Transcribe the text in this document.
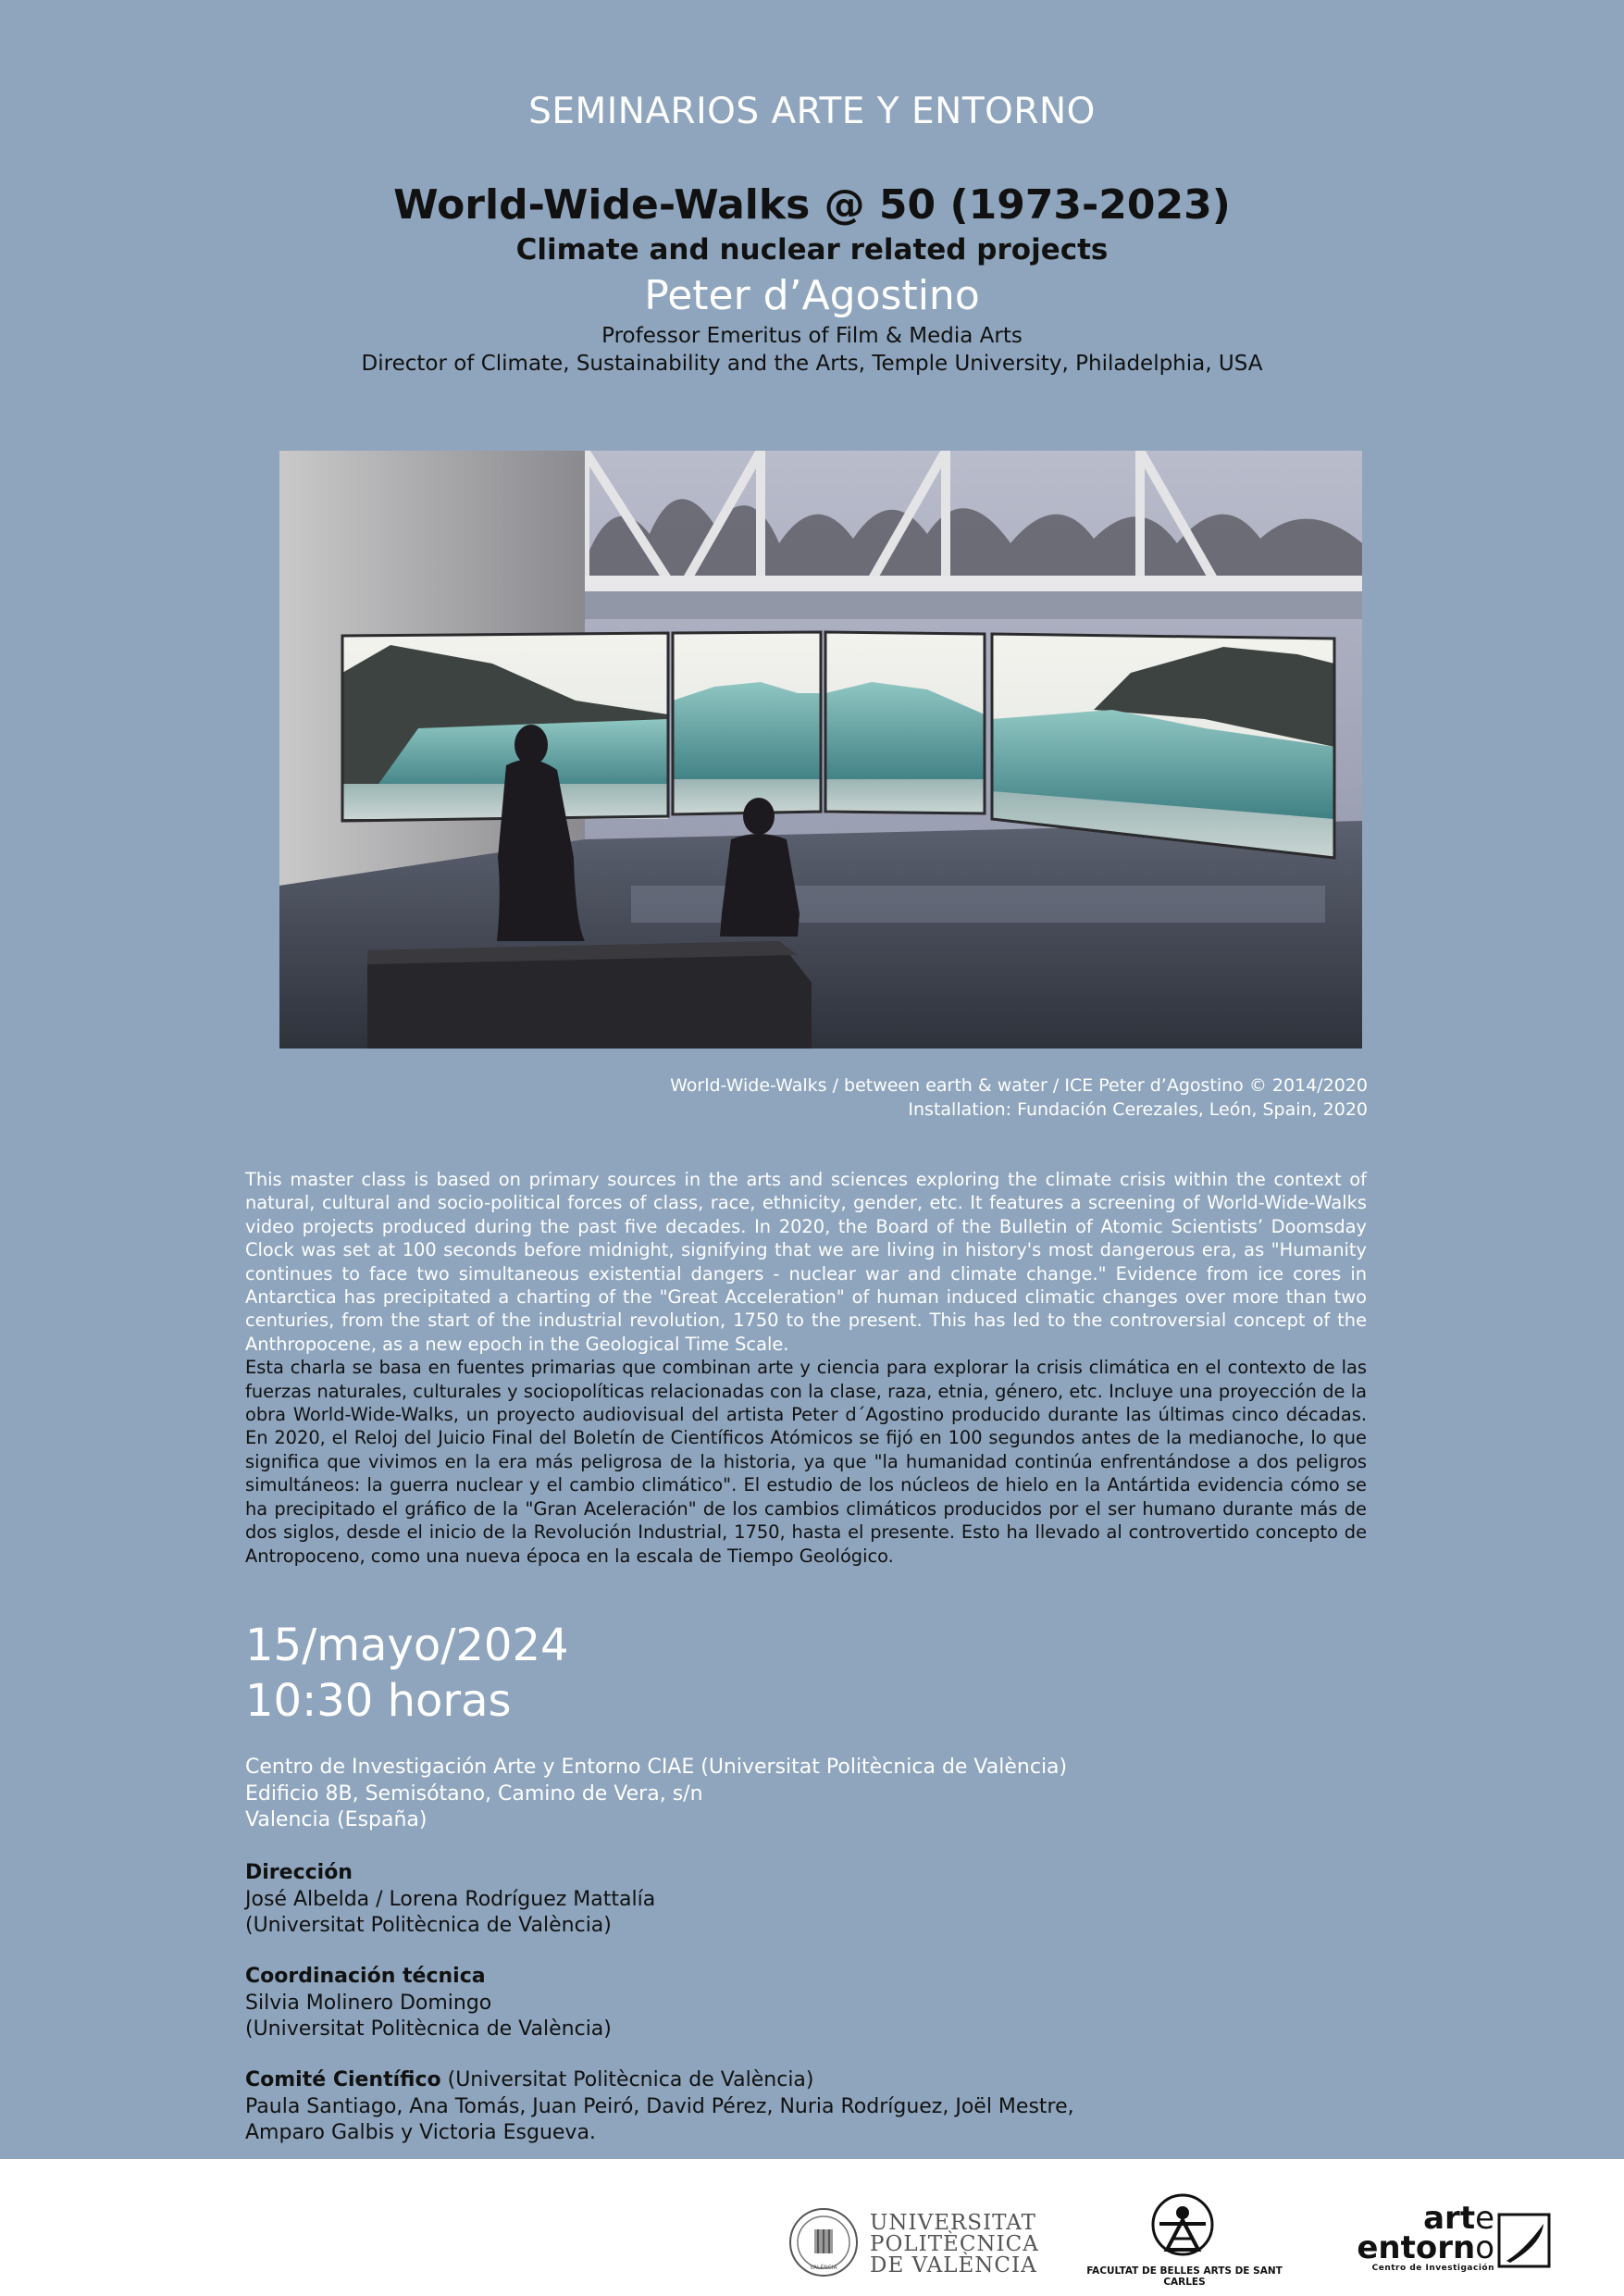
SEMINARIOS ARTE Y ENTORNO
World-Wide-Walks @ 50 (1973-2023)
Climate and nuclear related projects
Peter d’Agostino
Professor Emeritus of Film & Media Arts
Director of Climate, Sustainability and the Arts, Temple University, Philadelphia, USA
World-Wide-Walks / between earth & water / ICE Peter d’Agostino © 2014/2020
Installation: Fundación Cerezales, León, Spain, 2020

This master class is based on primary sources in the arts and sciences exploring the climate crisis within the context of natural, cultural and socio-political forces of class, race, ethnicity, gender, etc. It features a screening of World-Wide-Walks video projects produced during the past five decades. In 2020, the Board of the Bulletin of Atomic Scientists’ Doomsday Clock was set at 100 seconds before midnight, signifying that we are living in history's most dangerous era, as "Humanity continues to face two simultaneous existential dangers - nuclear war and climate change." Evidence from ice cores in Antarctica has precipitated a charting of the "Great Acceleration" of human induced climatic changes over more than two centuries, from the start of the industrial revolution, 1750 to the present. This has led to the controversial concept of the Anthropocene, as a new epoch in the Geological Time Scale.

Esta charla se basa en fuentes primarias que combinan arte y ciencia para explorar la crisis climática en el contexto de las fuerzas naturales, culturales y sociopolíticas relacionadas con la clase, raza, etnia, género, etc. Incluye una proyección de la obra World-Wide-Walks, un proyecto audiovisual del artista Peter d´Agostino producido durante las últimas cinco décadas. En 2020, el Reloj del Juicio Final del Boletín de Científicos Atómicos se fijó en 100 segundos antes de la medianoche, lo que significa que vivimos en la era más peligrosa de la historia, ya que "la humanidad continúa enfrentándose a dos peligros simultáneos: la guerra nuclear y el cambio climático". El estudio de los núcleos de hielo en la Antártida evidencia cómo se ha precipitado el gráfico de la "Gran Aceleración" de los cambios climáticos producidos por el ser humano durante más de dos siglos, desde el inicio de la Revolución Industrial, 1750, hasta el presente. Esto ha llevado al controvertido concepto de Antropoceno, como una nueva época en la escala de Tiempo Geológico.

15/mayo/2024
10:30 horas
Centro de Investigación Arte y Entorno CIAE (Universitat Politècnica de València)
Edificio 8B, Semisótano, Camino de Vera, s/n
Valencia (España)
Dirección
José Albelda / Lorena Rodríguez Mattalía
(Universitat Politècnica de València)
Coordinación técnica
Silvia Molinero Domingo
(Universitat Politècnica de València)
Comité Científico (Universitat Politècnica de València)
Paula Santiago, Ana Tomás, Juan Peiró, David Pérez, Nuria Rodríguez, Joël Mestre,
Amparo Galbis y Victoria Esgueva.
VALÈNCIA
UNIVERSITAT
POLITÈCNICA
DE VALÈNCIA	FACULTAT DE BELLES ARTS DE SANT CARLES
arte
entorno
Centro de Investigación
